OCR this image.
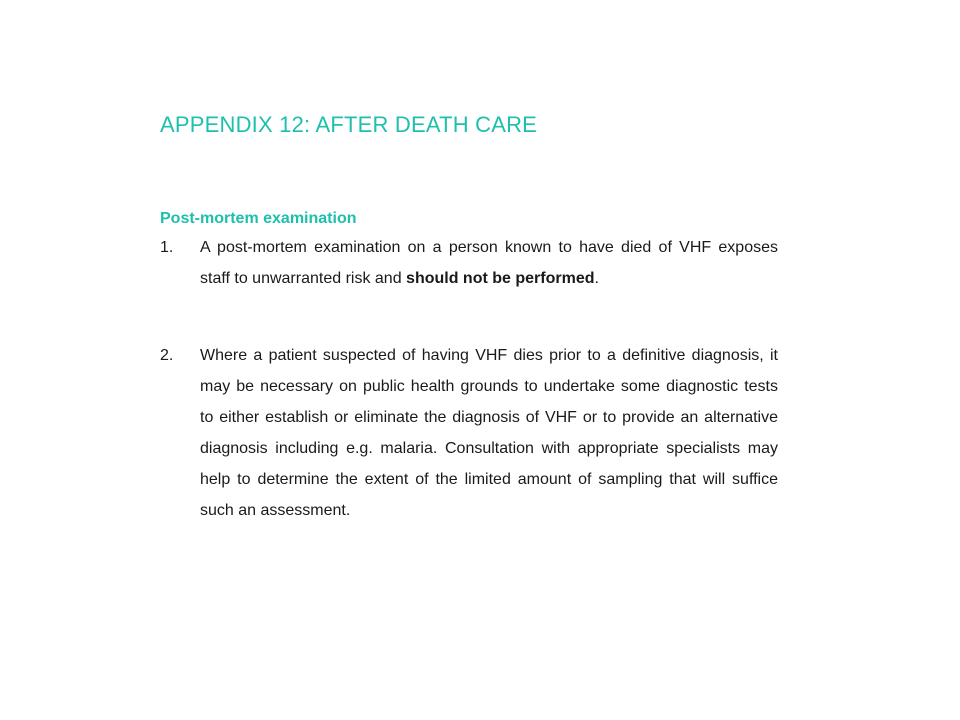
APPENDIX 12: AFTER DEATH CARE
Post-mortem examination
1. A post-mortem examination on a person known to have died of VHF exposes staff to unwarranted risk and should not be performed.

2. Where a patient suspected of having VHF dies prior to a definitive diagnosis, it may be necessary on public health grounds to undertake some diagnostic tests to either establish or eliminate the diagnosis of VHF or to provide an alternative diagnosis including e.g. malaria. Consultation with appropriate specialists may help to determine the extent of the limited amount of sampling that will suffice such an assessment.
